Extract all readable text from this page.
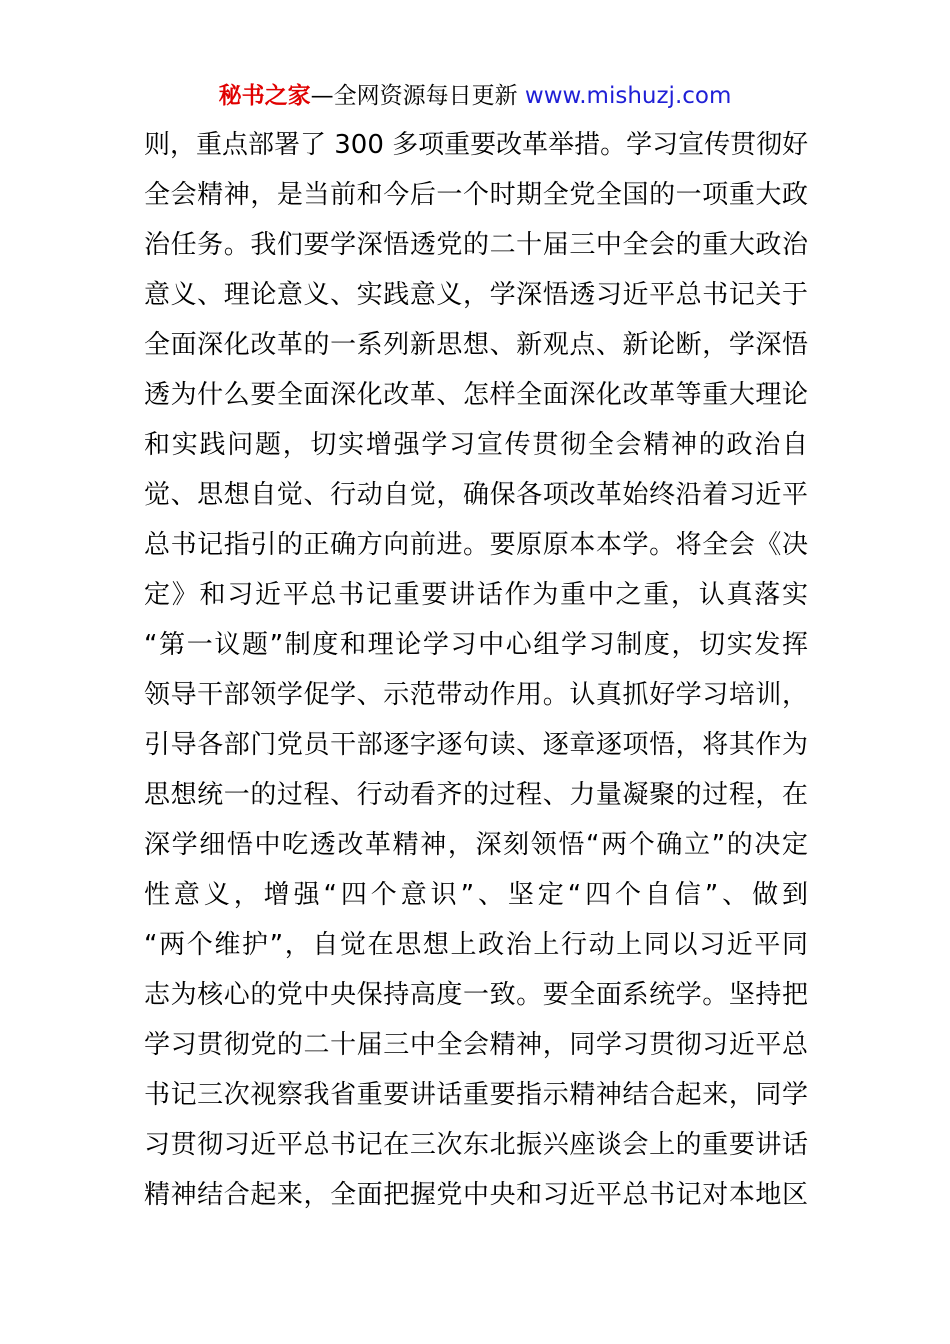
秘书之家—全网资源每日更新 www.mishuzj.com
则，重点部署了 300 多项重要改革举措。学习宣传贯彻好
全会精神，是当前和今后一个时期全党全国的一项重大政
治任务。我们要学深悟透党的二十届三中全会的重大政治
意义、理论意义、实践意义，学深悟透习近平总书记关于
全面深化改革的一系列新思想、新观点、新论断，学深悟
透为什么要全面深化改革、怎样全面深化改革等重大理论
和实践问题，切实增强学习宣传贯彻全会精神的政治自
觉、思想自觉、行动自觉，确保各项改革始终沿着习近平
总书记指引的正确方向前进。要原原本本学。将全会《决
定》和习近平总书记重要讲话作为重中之重，认真落实
“第一议题”制度和理论学习中心组学习制度，切实发挥
领导干部领学促学、示范带动作用。认真抓好学习培训，
引导各部门党员干部逐字逐句读、逐章逐项悟，将其作为
思想统一的过程、行动看齐的过程、力量凝聚的过程，在
深学细悟中吃透改革精神，深刻领悟“两个确立”的决定
性意义，增强“四个意识”、坚定“四个自信”、做到
“两个维护”，自觉在思想上政治上行动上同以习近平同
志为核心的党中央保持高度一致。要全面系统学。坚持把
学习贯彻党的二十届三中全会精神，同学习贯彻习近平总
书记三次视察我省重要讲话重要指示精神结合起来，同学
习贯彻习近平总书记在三次东北振兴座谈会上的重要讲话
精神结合起来，全面把握党中央和习近平总书记对本地区
